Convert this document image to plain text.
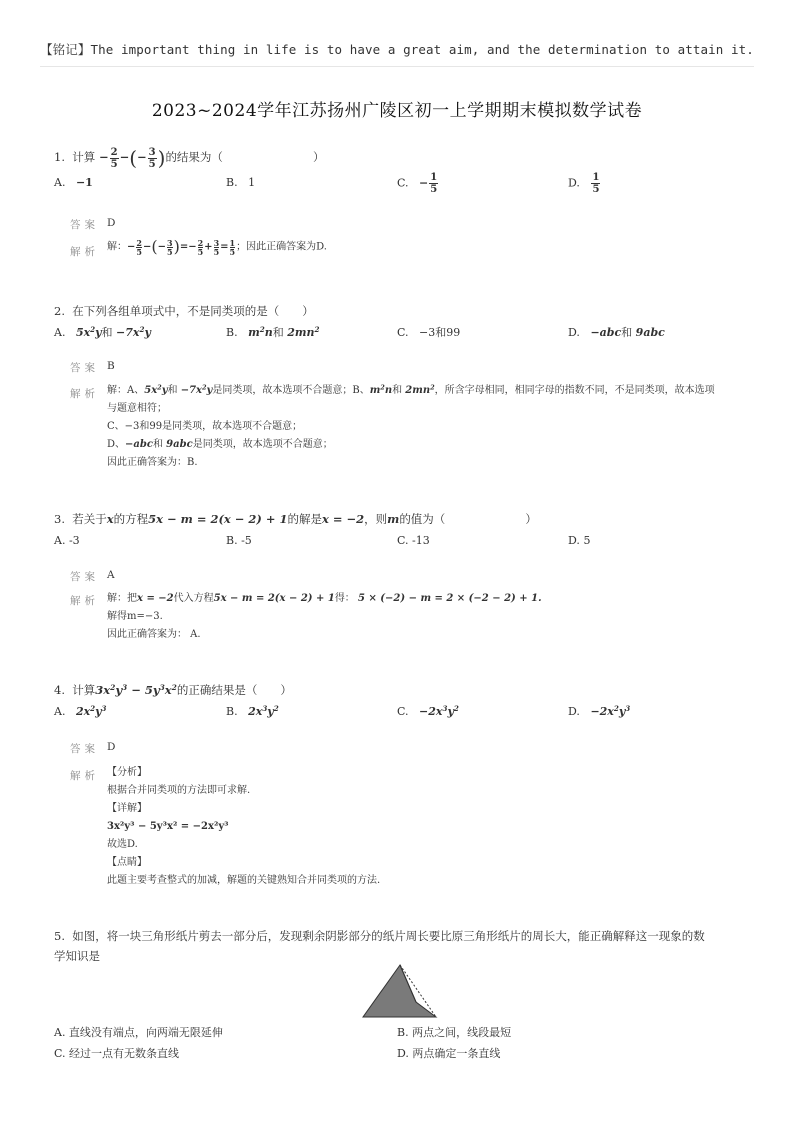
【铭记】The important thing in life is to have a great aim, and the determination to attain it.
2023~2024学年江苏扬州广陵区初一上学期期末模拟数学试卷
1. 计算 − $\frac{2}{5}$ −(− $\frac{3}{5}$ )的结果为（	）
A. −1	B. 1	C. − $\frac{1}{5}$	D. $\frac{1}{5}$
答案 D
解析 解：− $\frac{2}{5}$ −(− $\frac{3}{5}$ )=− $\frac{2}{5} + \frac{3}{5} = \frac{1}{5}$ ；因此正确答案为D.
2.  在下列各组单项式中，不是同类项的是（　　）
A. $5x^2y$和 $-7x^2y$	B. $m^2n$和 $2mn^2$	C. −3和99	D. −abc和 9abc
答案 B
解析 解：A、$5x^2y$和 $-7x^2y$是同类项，故本选项不合题意；B、$m^2n$和 $2mn^2$，所含字母相同，相同字母的指数不同，不是同类项，故本选项
与题意相符；
C、−3和99是同类项，故本选项不合题意；
D、−abc和 9abc是同类项，故本选项不合题意；
因此正确答案为：B.
3. 若关于x的方程5x − m = 2(x − 2) + 1的解是x = −2，则m的值为（	）
A. -3	B. -5	C. -13	D. 5
答案 A
解析 解：把x = −2代入方程5x − m = 2(x − 2) + 1得： 5 × (−2) − m = 2 × (−2 − 2) + 1.
解得m=−3.
因此正确答案为： A.
4. 计算$3x^2y^3 - 5y^3x^2$的正确结果是（　　）
A. $2x^2y^3$	B. $2x^3y^2$	C. $-2x^3y^2$	D. $-2x^2y^3$
答案 D
解析 【分析】
根据合并同类项的方法即可求解.
【详解】
3x²y³ − 5y³x² = −2x²y³
故选D.
【点睛】
此题主要考查整式的加减，解题的关键熟知合并同类项的方法.
5. 如图，将一块三角形纸片剪去一部分后，发现剩余阴影部分的纸片周长要比原三角形纸片的周长大，能正确解释这一现象的数
学知识是
A. 直线没有端点，向两端无限延伸	B. 两点之间，线段最短
C. 经过一点有无数条直线	D. 两点确定一条直线
